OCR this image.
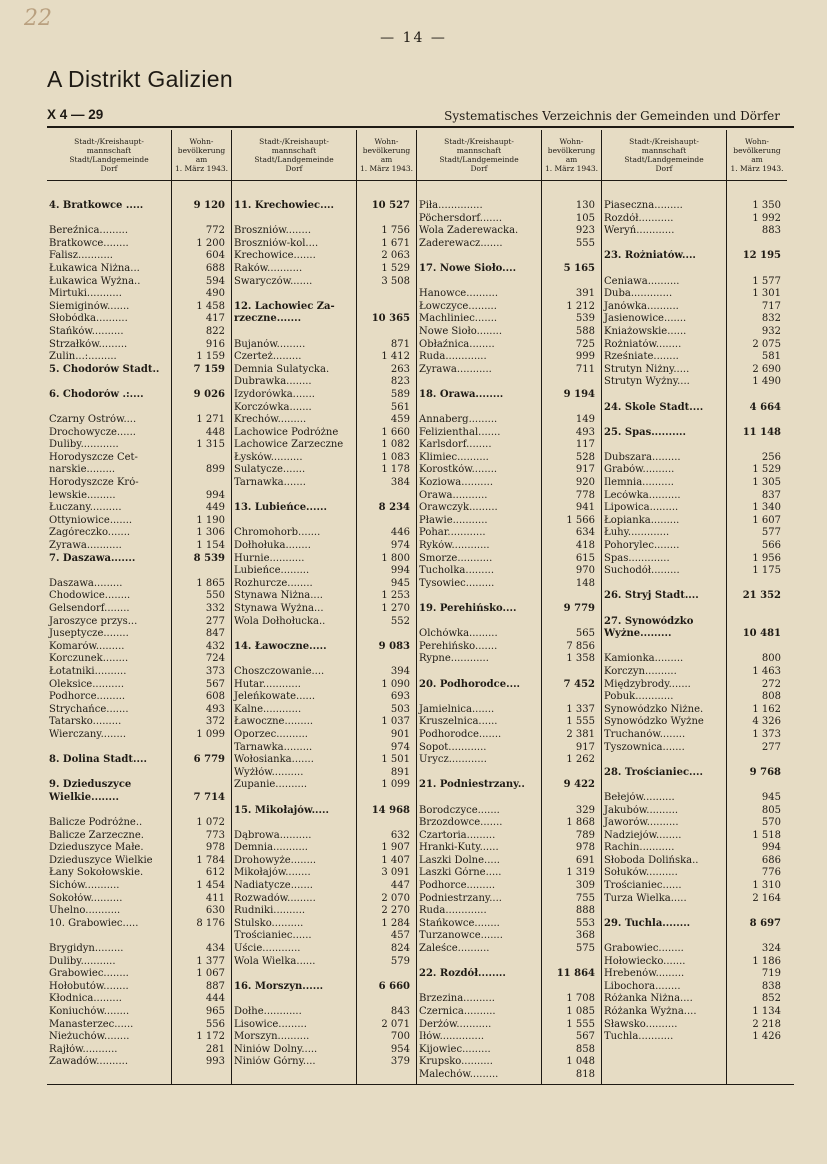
22
— 14 —
A Distrikt Galizien
X 4 — 29	Systematisches Verzeichnis der Gemeinden und Dörfer
Stadt-/Kreishaupt-
mannschaft
Stadt/Landgemeinde
Dorf
4. Bratkowce .....
Bereźnica.........
Bratkowce........
Falisz...........
Łukawica Niżna...
Łukawica Wyżna..
Mirtuki...........
Siemiginów.......
Słobódka..........
Stańków..........
Strzałków.........
Żulin...:.........
5. Chodorów Stadt..
6. Chodorów .:....
Czarny Ostrów....
Drochowycze......
Duliby............
Horodyszcze Cet-
narskie.........
Horodyszcze Kró-
lewskie.........
Łuczany..........
Ottyniowice.......
Zagóreczko.......
Żyrawa...........
7. Daszawa.......
Daszawa.........
Chodowice........
Gelsendorf........
Jaroszyce przys...
Juseptycze........
Komarów.........
Korczunek........
Łotatniki..........
Oleksice..........
Podhorce.........
Strychańce.......
Tatarsko.........
Wierczany........
8. Dolina Stadt....
9. Dzieduszyce
Wielkie........
Balicze Podróżne..
Balicze Zarzeczne.
Dzieduszyce Małe.
Dzieduszyce Wielkie
Łany Sokołowskie.
Sichów...........
Sokołów..........
Uhelno...........
10. Grabowiec.....
Brygidyn.........
Duliby...........
Grabowiec........
Hołobutów........
Kłodnica.........
Koniuchów........
Manasterzec......
Nieżuchów........
Rajłów...........
Zawadów..........
Wohn-
bevölkerung
am
1. März 1943.
9 120
772
1 200
604
688
594
490
1 458
417
822
916
1 159
7 159
9 026
1 271
448
1 315
899
994
449
1 190
1 306
1 154
8 539
1 865
550
332
277
847
432
724
373
567
608
493
372
1 099
6 779
7 714
1 072
773
978
1 784
612
1 454
411
630
8 176
434
1 377
1 067
887
444
965
556
1 172
281
993
Stadt-/Kreishaupt-
mannschaft
Stadt/Landgemeinde
Dorf
11. Krechowiec....
Broszniów........
Broszniów-kol....
Krechowice.......
Raków...........
Swaryczów.......
12. Lachowiec Za-
rzeczne.......
Bujanów.........
Czerteż.........
Demnia Sulatycka.
Dubrawka........
Izydorówka.......
Korczówka.......
Krechów.........
Lachowice Podróżne
Lachowice Zarzeczne
Łysków..........
Sulatycze.......
Tarnawka.......
13. Lubieńce......
Chromohorb.......
Dołhołuka........
Hurnie...........
Lubieńce.........
Rozhurcze........
Stynawa Niżna....
Stynawa Wyżna...
Wola Dołhołucka..
14. Ławoczne.....
Choszczowanie....
Hutar............
Jeleńkowate......
Kalne............
Ławoczne.........
Oporzec..........
Tarnawka.........
Wołosianka.......
Wyżłów..........
Żupanie..........
15. Mikołajów.....
Dąbrowa..........
Demnia...........
Drohowyże........
Mikołajów........
Nadiatycze.......
Rozwadów.........
Rudniki..........
Stulsko..........
Trościaniec......
Uście............
Wola Wielka......
16. Morszyn......
Dołhe............
Lisowice.........
Morszyn..........
Niniów Dolny.....
Niniów Górny....
Wohn-
bevölkerung
am
1. März 1943.
10 527
1 756
1 671
2 063
1 529
3 508
10 365
871
1 412
263
823
589
561
459
1 660
1 082
1 083
1 178
384
8 234
446
974
1 800
994
945
1 253
1 270
552
9 083
394
1 090
693
503
1 037
901
974
1 501
891
1 099
14 968
632
1 907
1 407
3 091
447
2 070
2 270
1 284
457
824
579
6 660
843
2 071
700
954
379
Stadt-/Kreishaupt-
mannschaft
Stadt/Landgemeinde
Dorf
Piła..............
Pöchersdorf.......
Wola Zaderewacka.
Zaderewacz.......
17. Nowe Sioło....
Hanowce..........
Łowczyce.........
Machliniec.......
Nowe Sioło........
Obłaźnica........
Ruda.............
Żyrawa...........
18. Orawa........
Annaberg.........
Felizienthal.......
Karlsdorf........
Klimiec..........
Korostków........
Koziowa..........
Orawa...........
Orawczyk.........
Pławie...........
Pohar............
Ryków............
Smorze...........
Tucholka.........
Tysowiec.........
19. Perehińsko....
Olchówka.........
Perehińsko.......
Rypne............
20. Podhorodce....
Jamielnica.......
Kruszelnica......
Podhorodce.......
Sopot............
Urycz............
21. Podniestrzany..
Borodczyce.......
Brzozdowce.......
Czartoria.........
Hranki-Kuty......
Laszki Dolne.....
Laszki Górne.....
Podhorce.........
Podniestrzany....
Ruda.............
Stańkowce........
Turzanowce.......
Zaleśce..........
22. Rozdół........
Brzezina..........
Czernica..........
Derżów...........
Iłów..............
Kijowiec.........
Krupsko..........
Malechów.........
Wohn-
bevölkerung
am
1. März 1943.
130
105
923
555
5 165
391
1 212
539
588
725
999
711
9 194
149
493
117
528
917
920
778
941
1 566
634
418
615
970
148
9 779
565
7 856
1 358
7 452
1 337
1 555
2 381
917
1 262
9 422
329
1 868
789
978
691
1 319
309
755
888
553
368
575
11 864
1 708
1 085
1 555
567
858
1 048
818
Stadt-/Kreishaupt-
mannschaft
Stadt/Landgemeinde
Dorf
Piaseczna.........
Rozdół...........
Weryń............
23. Rożniatów....
Ceniawa..........
Duba.............
Janówka..........
Jasienowice.......
Kniażowskie......
Rożniatów........
Rześniate........
Strutyn Niżny.....
Strutyn Wyżny....
24. Skole Stadt....
25. Spas..........
Dubszara.........
Grabów..........
Ilemnia..........
Lecówka..........
Lipowica.........
Łopianka.........
Łuhy.............
Pohorylec........
Spas.............
Suchodół.........
26. Stryj Stadt....
27. Synowódzko
Wyżne.........
Kamionka.........
Korczyn..........
Międzybrody.......
Pobuk............
Synowódzko Niżne.
Synowódzko Wyżne
Truchanów........
Tyszownica.......
28. Trościaniec....
Bełejów..........
Jakubów..........
Jaworów..........
Nadziejów........
Rachin...........
Słoboda Dolińska..
Sołuków..........
Trościaniec......
Turza Wielka.....
29. Tuchla........
Grabowiec........
Hołowiecko.......
Hrebenów.........
Libochora........
Różanka Niżna....
Różanka Wyżna....
Sławsko..........
Tuchla...........
Wohn-
bevölkerung
am
1. März 1943.
1 350
1 992
883
12 195
1 577
1 301
717
832
932
2 075
581
2 690
1 490
4 664
11 148
256
1 529
1 305
837
1 340
1 607
577
566
1 956
1 175
21 352
10 481
800
1 463
272
808
1 162
4 326
1 373
277
9 768
945
805
570
1 518
994
686
776
1 310
2 164
8 697
324
1 186
719
838
852
1 134
2 218
1 426
